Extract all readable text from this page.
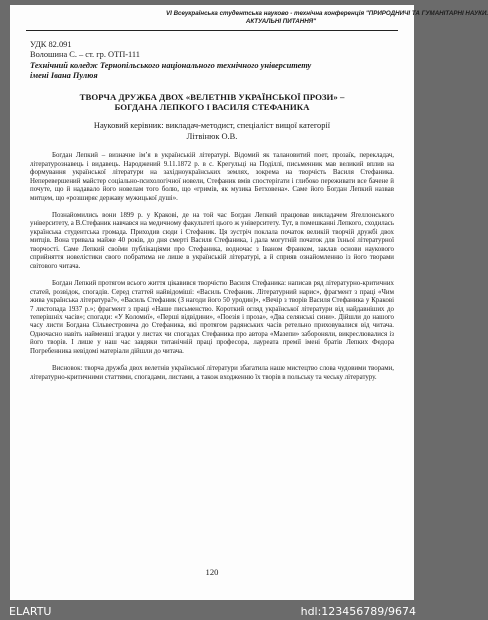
VI Всеукраїнська студентська науково - технічна конференція "ПРИРОДНИЧІ ТА ГУМАНІТАРНІ НАУКИ.
АКТУАЛЬНІ ПИТАННЯ"
УДК 82.091
Волошина С. – ст. гр. ОТП-111
Технічний коледж Тернопільського національного технічного університету
імені Івана Пулюя
ТВОРЧА ДРУЖБА ДВОХ «ВЕЛЕТНІВ УКРАЇНСЬКОЇ ПРОЗИ» –
БОГДАНА ЛЕПКОГО І ВАСИЛЯ СТЕФАНИКА
Науковий керівник: викладач-методист, спеціаліст вищої категорії
Літвінюк О.В.

Богдан Лепкий – визначне ім’я в українській літературі. Відомий як талановитий поет, прозаїк, перекладач, літературознавець і видавець. Народжений 9.11.1872 р. в с. Крегульці на Поділлі, письменник мав великий вплив на формування української літератури на західноукраїнських землях, зокрема на творчість Василя Стефаника. Неперевершений майстер соціально-психологічної новели, Стефаник вмів спостерігати і глибоко переживати все бачене й почуте, що й надавало його новелам того болю, що «гримів, як музика Бетховена». Саме його Богдан Лепкий назвав митцем, що «розширяє державу мужицької душі».

Познайомились вони 1899 р. у Кракові, де на той час Богдан Лепкий працював викладачем Ягеллонського університету, а В.Стефаник навчався на медичному факультеті цього ж університету. Тут, в помешканні Лепкого, сходилась українська студентська громада. Приходив сюди і Стефаник. Ця зустріч поклала початок великій творчій дружбі двох митців. Вона тривала майже 40 років, до дня смерті Василя Стефаника, і дала могутній початок для їхньої літературної творчості. Саме Лепкий своїми публікаціями про Стефаника, водночас з Іваном Франком, заклав основи наукового сприйняття новелістики свого побратима не лише в українській літературі, а й сприяв ознайомленню із його творами світового читача.

Богдан Лепкий протягом всього життя цікавився творчістю Василя Стефаника: написав ряд літературно-критичних статей, розвідок, спогадів. Серед статтей найвідоміші: «Василь Стефаник. Літературний нарис», фрагмент з праці «Чим жива українська література?», «Василь Стефаник (З нагоди його 50 уродин)», «Вечір з творів Василя Стефаника у Кракові 7 листопада 1937 р.»; фрагмент з праці «Наше письменство. Короткий огляд української літератури від найдавніших до теперішніх часів»; спогади: «У Коломиї», «Перші відвідини», «Поезія і проза», «Два селянські сини». Дійшли до нашого часу листи Богдана Сільвестровича до Стефаника, які протягом радянських часів ретельно приховувалися від читача. Одночасно навіть найменші згадки у листах чи спогадах Стефаника про автора «Мазепи» забороняли, викреслювалися із його творів. І лише у наш час завдяки титанічній праці професора, лауреата премії імені братів Лепких Федора Погребенника невідомі матеріали дійшли до читача.

Висновок: творча дружба двох велетнів української літератури збагатила наше мистецтво слова чудовими творами, літературно-критичними статтями, спогадами, листами, а також входженню їх творів в польську та чеську літературу.

120
ELARTU	hdl:123456789/9674
